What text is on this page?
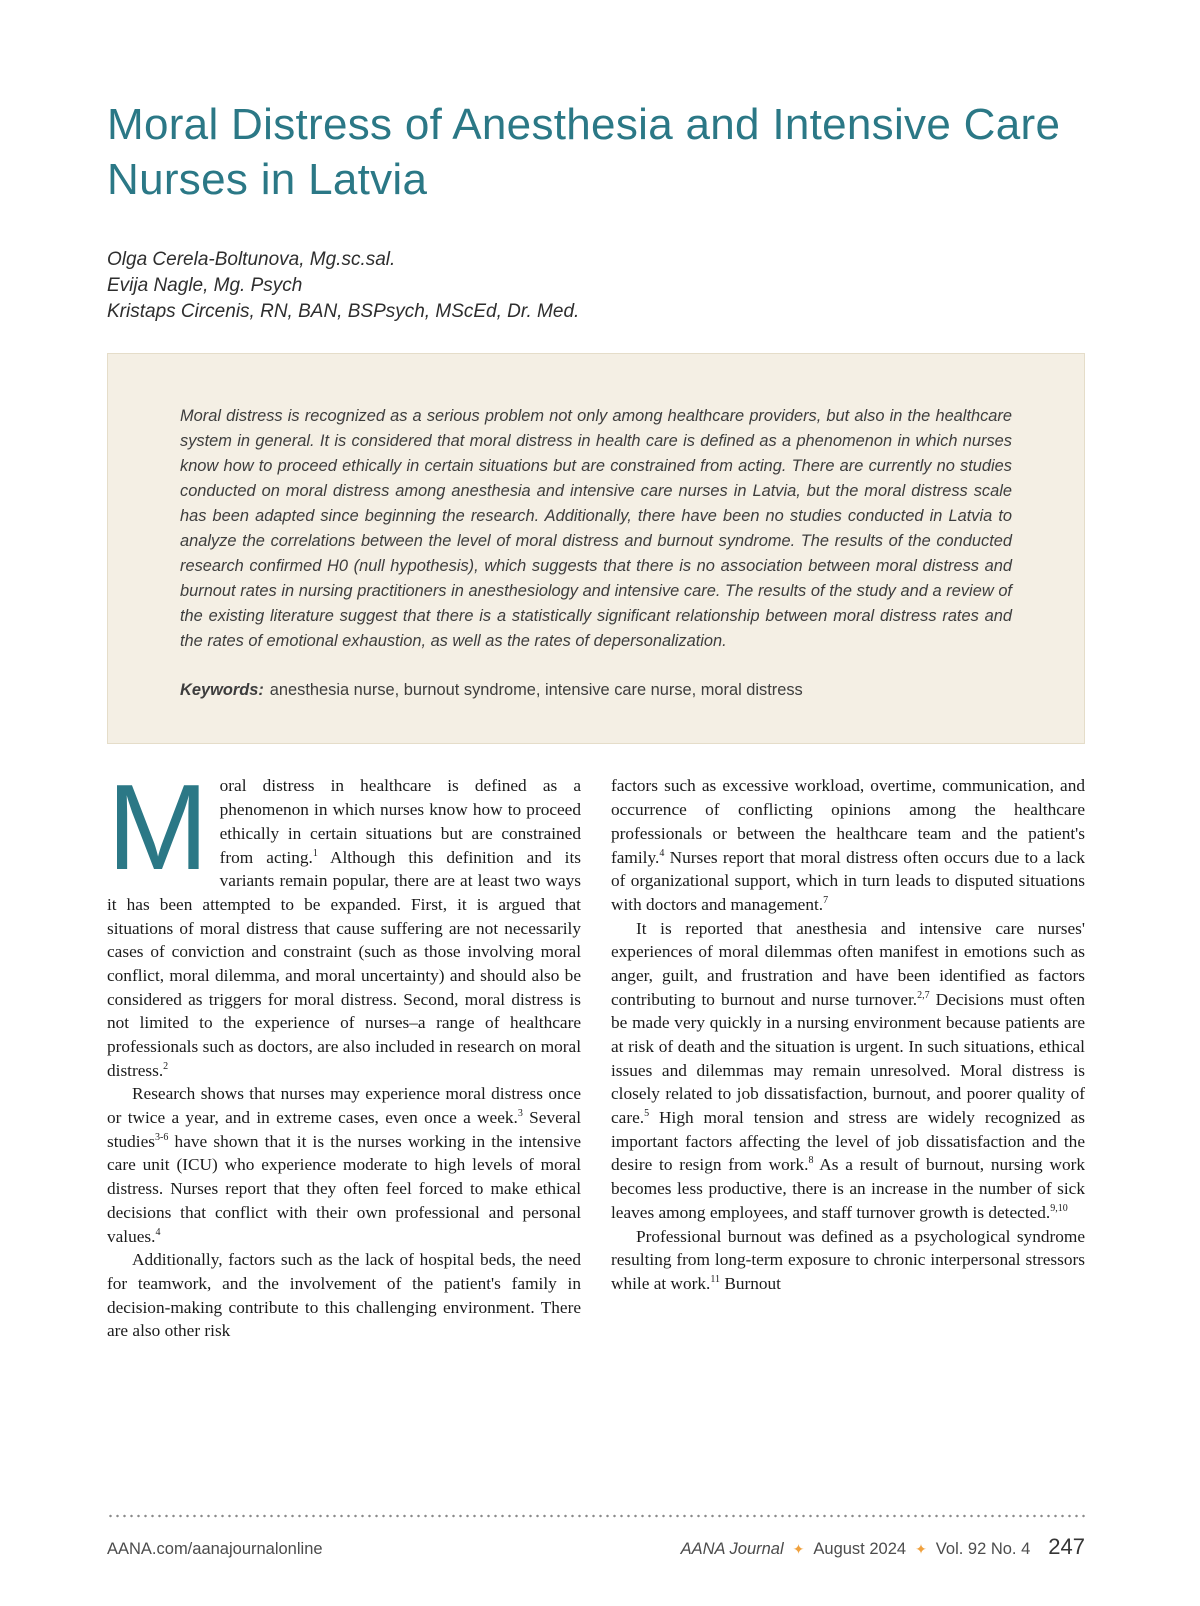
Moral Distress of Anesthesia and Intensive Care Nurses in Latvia
Olga Cerela-Boltunova, Mg.sc.sal.
Evija Nagle, Mg. Psych
Kristaps Circenis, RN, BAN, BSPsych, MScEd, Dr. Med.

Moral distress is recognized as a serious problem not only among healthcare providers, but also in the healthcare system in general. It is considered that moral distress in health care is defined as a phenomenon in which nurses know how to proceed ethically in certain situations but are constrained from acting. There are currently no studies conducted on moral distress among anesthesia and intensive care nurses in Latvia, but the moral distress scale has been adapted since beginning the research. Additionally, there have been no studies conducted in Latvia to analyze the correlations between the level of moral distress and burnout syndrome. The results of the conducted research confirmed H0 (null hypothesis), which suggests that there is no association between moral distress and burnout rates in nursing practitioners in anesthesiology and intensive care. The results of the study and a review of the existing literature suggest that there is a statistically significant relationship between moral distress rates and the rates of emotional exhaustion, as well as the rates of depersonalization.

Keywords: anesthesia nurse, burnout syndrome, intensive care nurse, moral distress

M oral distress in healthcare is defined as a phenomenon in which nurses know how to proceed ethically in certain situations but are constrained from acting.$^1$ Although this definition and its variants remain popular, there are at least two ways it has been attempted to be expanded. First, it is argued that situations of moral distress that cause suffering are not necessarily cases of conviction and constraint (such as those involving moral conflict, moral dilemma, and moral uncertainty) and should also be considered as triggers for moral distress. Second, moral distress is not limited to the experience of nurses–a range of healthcare professionals such as doctors, are also included in research on moral distress.$^2$

Research shows that nurses may experience moral distress once or twice a year, and in extreme cases, even once a week.$^3$ Several studies$^{3-6}$ have shown that it is the nurses working in the intensive care unit (ICU) who experience moderate to high levels of moral distress. Nurses report that they often feel forced to make ethical decisions that conflict with their own professional and personal values.$^4$

Additionally, factors such as the lack of hospital beds, the need for teamwork, and the involvement of the patient's family in decision-making contribute to this challenging environment. There are also other risk

factors such as excessive workload, overtime, communication, and occurrence of conflicting opinions among the healthcare professionals or between the healthcare team and the patient's family.$^4$ Nurses report that moral distress often occurs due to a lack of organizational support, which in turn leads to disputed situations with doctors and management.$^7$

It is reported that anesthesia and intensive care nurses' experiences of moral dilemmas often manifest in emotions such as anger, guilt, and frustration and have been identified as factors contributing to burnout and nurse turnover.$^{2,7}$ Decisions must often be made very quickly in a nursing environment because patients are at risk of death and the situation is urgent. In such situations, ethical issues and dilemmas may remain unresolved. Moral distress is closely related to job dissatisfaction, burnout, and poorer quality of care.$^5$ High moral tension and stress are widely recognized as important factors affecting the level of job dissatisfaction and the desire to resign from work.$^8$ As a result of burnout, nursing work becomes less productive, there is an increase in the number of sick leaves among employees, and staff turnover growth is detected.$^{9,10}$

Professional burnout was defined as a psychological syndrome resulting from long-term exposure to chronic interpersonal stressors while at work.$^{11}$ Burnout

AANA.com/aanajournalonline	AANA Journal ✦ August 2024 ✦ Vol. 92 No. 4 247
